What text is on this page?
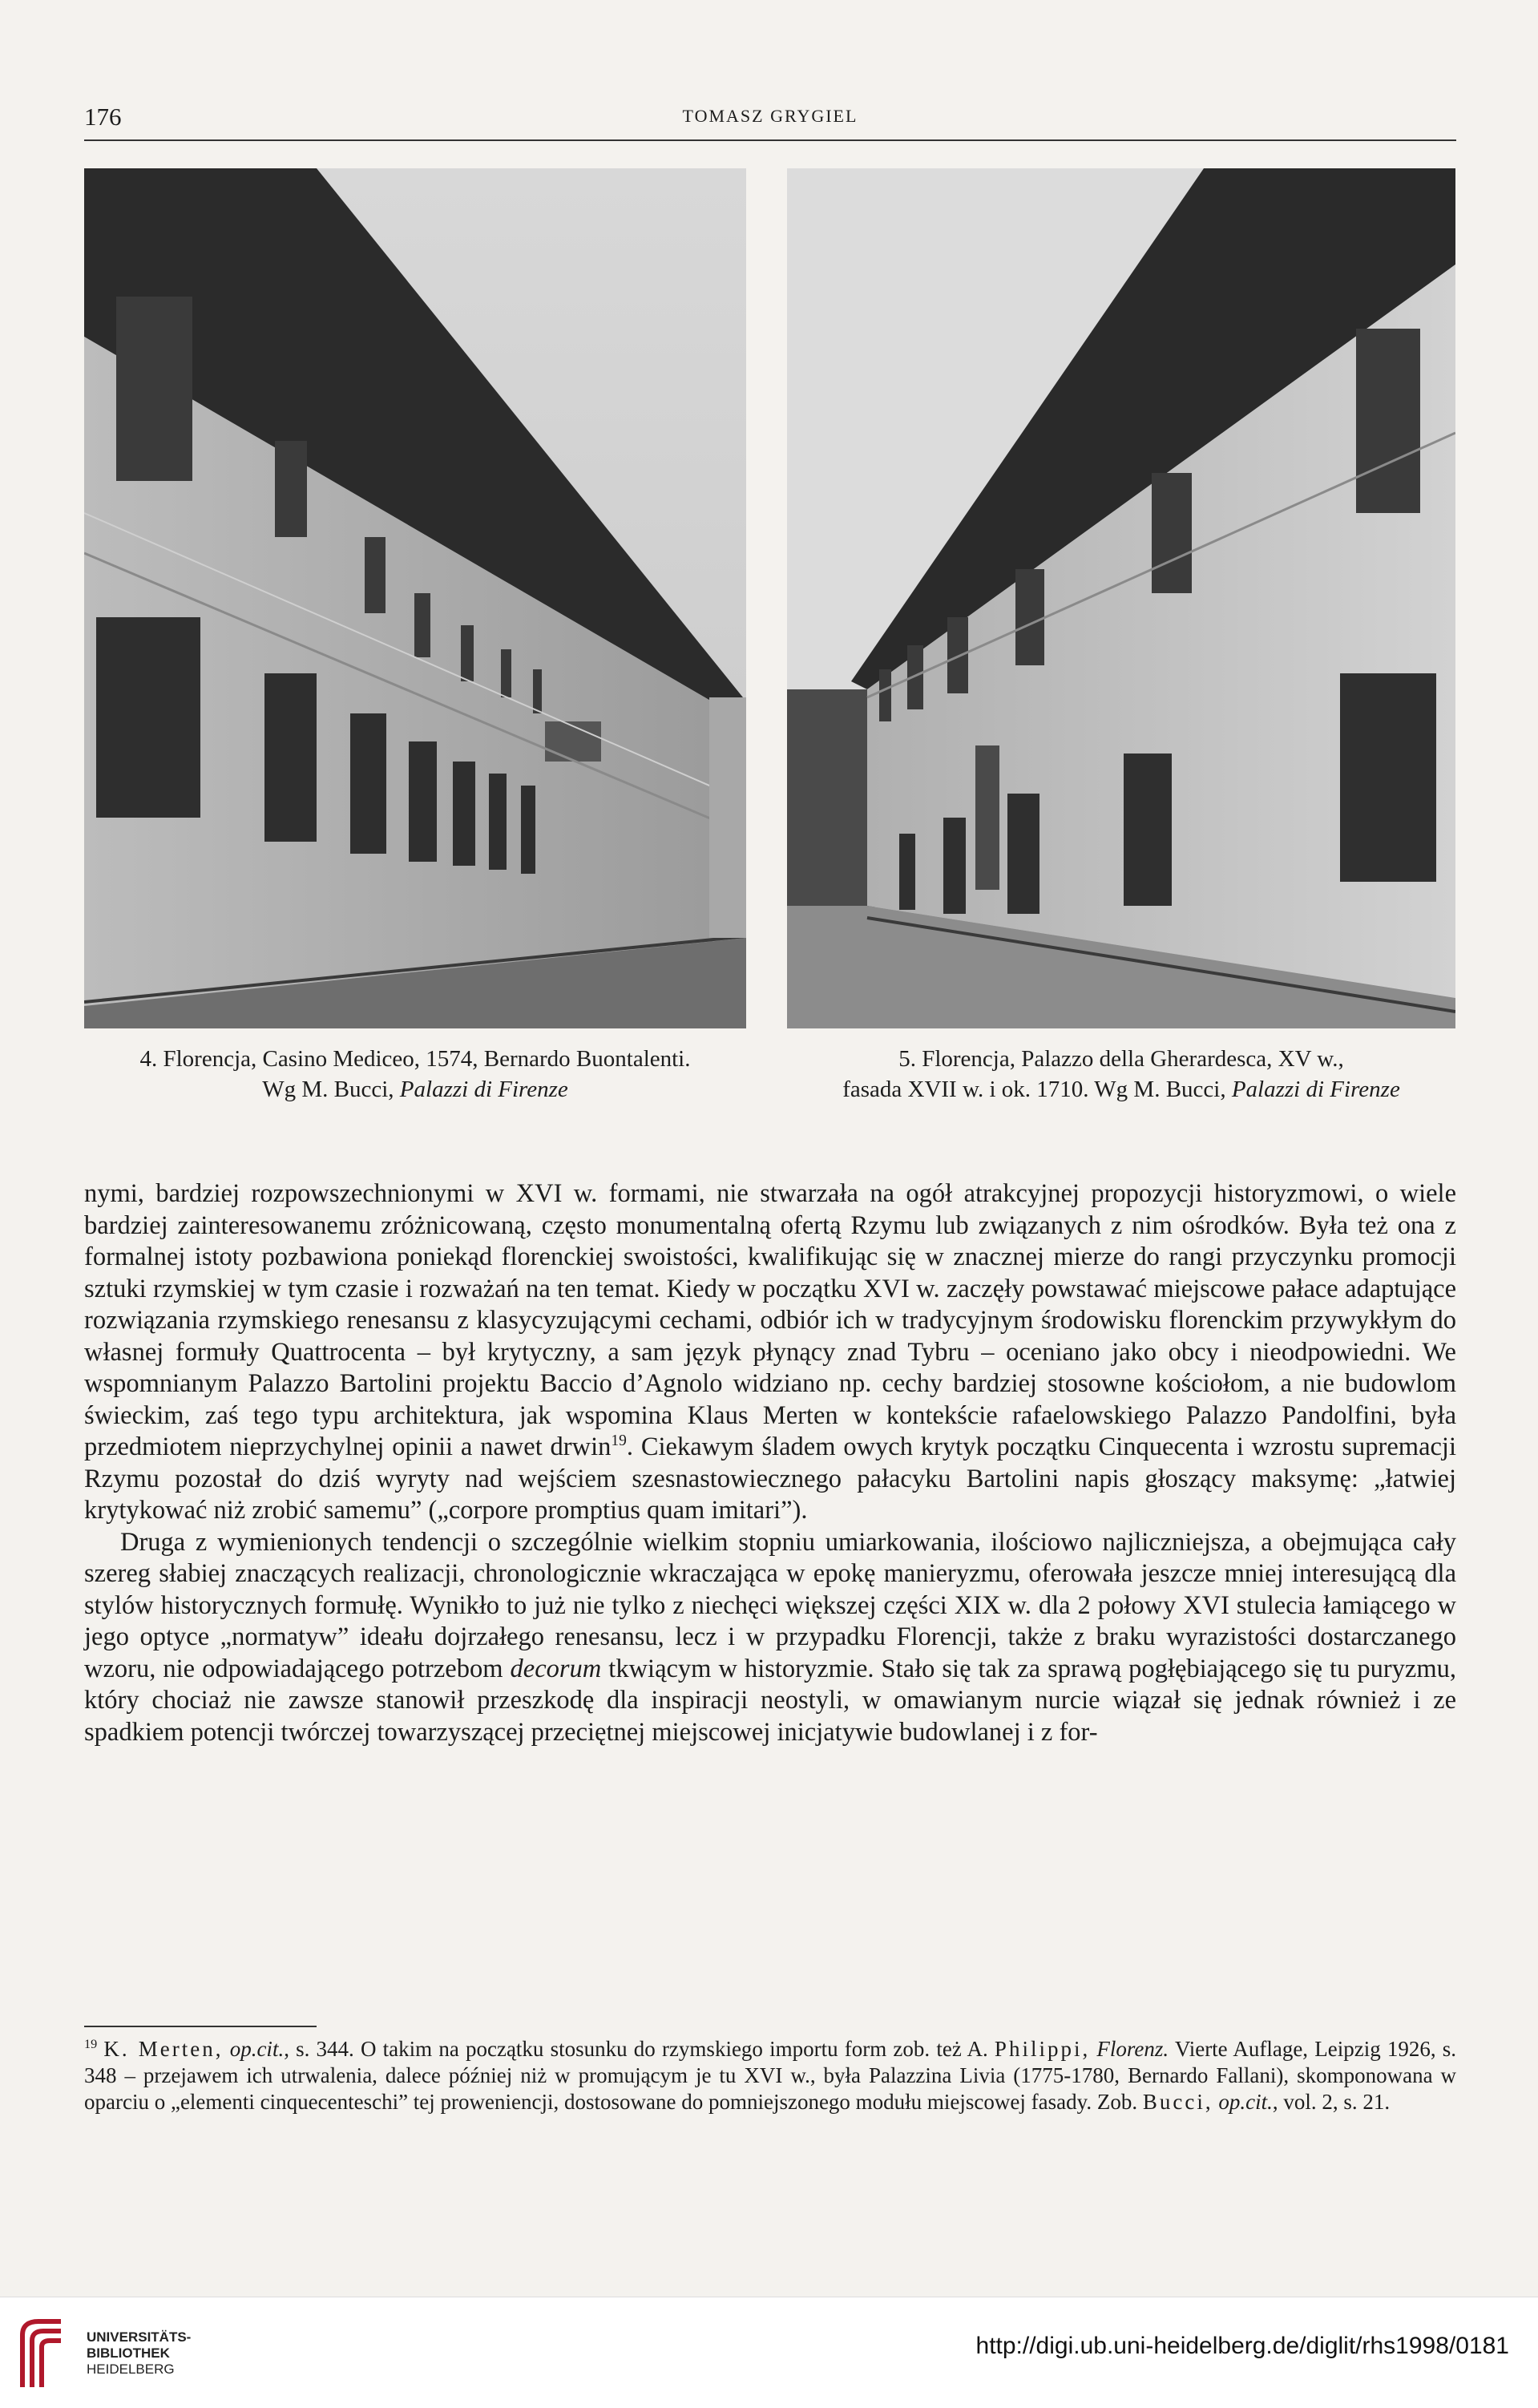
176	TOMASZ GRYGIEL
4. Florencja, Casino Mediceo, 1574, Bernardo Buontalenti.
Wg M. Bucci, Palazzi di Firenze
5. Florencja, Palazzo della Gherardesca, XV w.,
fasada XVII w. i ok. 1710. Wg M. Bucci, Palazzi di Firenze

nymi, bardziej rozpowszechnionymi w XVI w. formami, nie stwarzała na ogół atrakcyjnej propozycji historyzmowi, o wiele bardziej zainteresowanemu zróżnicowaną, często monumentalną ofertą Rzymu lub związanych z nim ośrodków. Była też ona z formalnej istoty pozbawiona poniekąd florenckiej swoistości, kwalifikując się w znacznej mierze do rangi przyczynku promocji sztuki rzymskiej w tym czasie i rozważań na ten temat. Kiedy w początku XVI w. zaczęły powstawać miejscowe pałace adaptujące rozwiązania rzymskiego renesansu z klasycyzującymi cechami, odbiór ich w tradycyjnym środowisku florenckim przywykłym do własnej formuły Quattrocenta – był krytyczny, a sam język płynący znad Tybru – oceniano jako obcy i nieodpowiedni. We wspomnianym Palazzo Bartolini projektu Baccio d’Agnolo widziano np. cechy bardziej stosowne kościołom, a nie budowlom świeckim, zaś tego typu architektura, jak wspomina Klaus Merten w kontekście rafaelowskiego Palazzo Pandolfini, była przedmiotem nieprzychylnej opinii a nawet drwin$^{19}$. Ciekawym śladem owych krytyk początku Cinquecenta i wzrostu supremacji Rzymu pozostał do dziś wyryty nad wejściem szesnastowiecznego pałacyku Bartolini napis głoszący maksymę: „łatwiej krytykować niż zrobić samemu” („corpore promptius quam imitari”).

Druga z wymienionych tendencji o szczególnie wielkim stopniu umiarkowania, ilościowo najliczniejsza, a obejmująca cały szereg słabiej znaczących realizacji, chronologicznie wkraczająca w epokę manieryzmu, oferowała jeszcze mniej interesującą dla stylów historycznych formułę. Wynikło to już nie tylko z niechęci większej części XIX w. dla 2 połowy XVI stulecia łamiącego w jego optyce „normatyw” ideału dojrzałego renesansu, lecz i w przypadku Florencji, także z braku wyrazistości dostarczanego wzoru, nie odpowiadającego potrzebom decorum tkwiącym w historyzmie. Stało się tak za sprawą pogłębiającego się tu puryzmu, który chociaż nie zawsze stanowił przeszkodę dla inspiracji neostyli, w omawianym nurcie wiązał się jednak również i ze spadkiem potencji twórczej towarzyszącej przeciętnej miejscowej inicjatywie budowlanej i z for-

$^{19}$ K. Merten, op.cit., s. 344. O takim na początku stosunku do rzymskiego importu form zob. też A. Philippi, Florenz. Vierte Auflage, Leipzig 1926, s. 348 – przejawem ich utrwalenia, dalece później niż w promującym je tu XVI w., była Palazzina Livia (1775-1780, Bernardo Fallani), skomponowana w oparciu o „elementi cinquecenteschi” tej proweniencji, dostosowane do pomniejszonego modułu miejscowej fasady. Zob. Bucci, op.cit., vol. 2, s. 21.
UNIVERSITÄTS-
BIBLIOTHEK
HEIDELBERG
http://digi.ub.uni-heidelberg.de/diglit/rhs1998/0181
